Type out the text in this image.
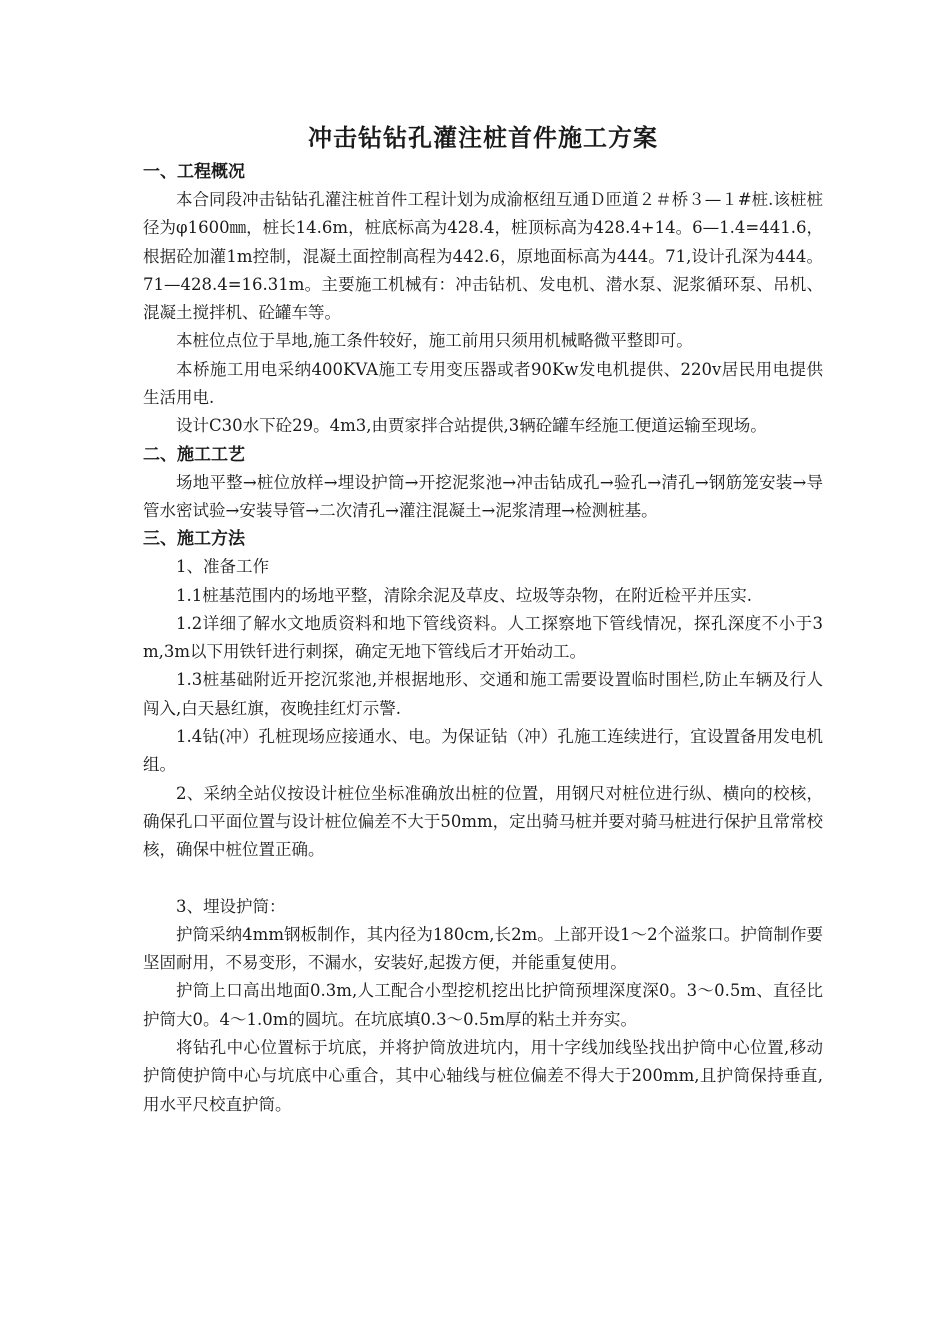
冲击钻钻孔灌注桩首件施工方案

一、工程概况

本合同段冲击钻钻孔灌注桩首件工程计划为成渝枢纽互通Ｄ匝道２＃桥３—１#桩.该桩桩径为φ1600㎜，桩长14.6m，桩底标高为428.4，桩顶标高为428.4+14。6—1.4=441.6，根据砼加灌1m控制，混凝土面控制高程为442.6，原地面标高为444。71,设计孔深为444。71—428.4=16.31m。主要施工机械有：冲击钻机、发电机、潜水泵、泥浆循环泵、吊机、混凝土搅拌机、砼罐车等。

本桩位点位于旱地,施工条件较好，施工前用只须用机械略微平整即可。

本桥施工用电采纳400KVA施工专用变压器或者90Kw发电机提供、220v居民用电提供生活用电.

设计C30水下砼29。4m3,由贾家拌合站提供,3辆砼罐车经施工便道运输至现场。

二、施工工艺

场地平整→桩位放样→埋设护筒→开挖泥浆池→冲击钻成孔→验孔→清孔→钢筋笼安装→导管水密试验→安装导管→二次清孔→灌注混凝土→泥浆清理→检测桩基。

三、施工方法

1、准备工作

1.1桩基范围内的场地平整，清除余泥及草皮、垃圾等杂物，在附近检平并压实.

1.2详细了解水文地质资料和地下管线资料。人工探察地下管线情况，探孔深度不小于3m,3m以下用铁钎进行刺探，确定无地下管线后才开始动工。

1.3桩基础附近开挖沉浆池,并根据地形、交通和施工需要设置临时围栏,防止车辆及行人闯入,白天悬红旗，夜晚挂红灯示警.

1.4钻(冲）孔桩现场应接通水、电。为保证钻（冲）孔施工连续进行，宜设置备用发电机组。

2、采纳全站仪按设计桩位坐标准确放出桩的位置，用钢尺对桩位进行纵、横向的校核，确保孔口平面位置与设计桩位偏差不大于50mm，定出骑马桩并要对骑马桩进行保护且常常校核，确保中桩位置正确。

3、埋设护筒：

护筒采纳4mm钢板制作，其内径为180cm,长2m。上部开设1～2个溢浆口。护筒制作要坚固耐用，不易变形，不漏水，安装好,起拨方便，并能重复使用。

护筒上口高出地面0.3m,人工配合小型挖机挖出比护筒预埋深度深0。3～0.5m、直径比护筒大0。4～1.0m的圆坑。在坑底填0.3～0.5m厚的粘土并夯实。

将钻孔中心位置标于坑底，并将护筒放进坑内，用十字线加线坠找出护筒中心位置,移动护筒使护筒中心与坑底中心重合，其中心轴线与桩位偏差不得大于200mm,且护筒保持垂直,用水平尺校直护筒。
